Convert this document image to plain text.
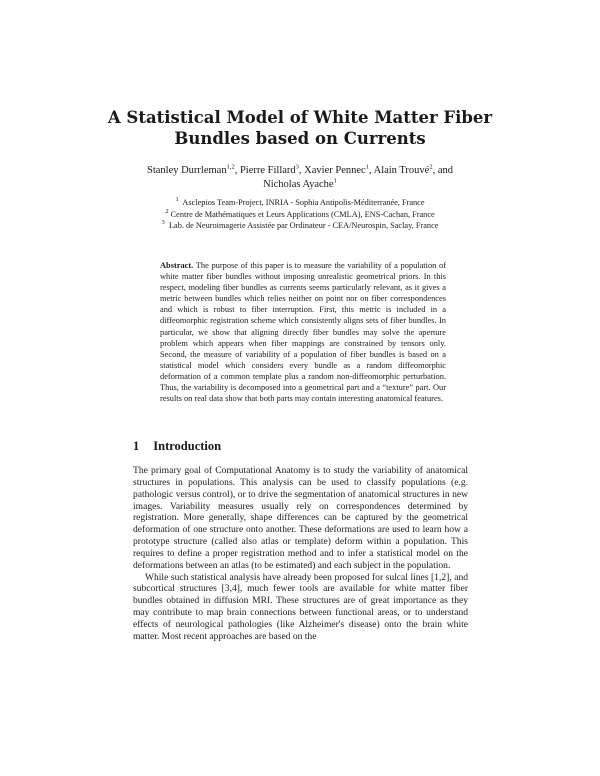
A Statistical Model of White Matter Fiber Bundles based on Currents
Stanley Durrleman$^{1,2}$, Pierre Fillard$^3$, Xavier Pennec$^1$, Alain Trouvé$^2$, and
Nicholas Ayache$^1$
$^1$ Asclepios Team-Project, INRIA - Sophia Antipolis-Méditerranée, France
$^2$ Centre de Mathématiques et Leurs Applications (CMLA), ENS-Cachan, France
$^3$ Lab. de Neuroimagerie Assistée par Ordinateur - CEA/Neurospin, Saclay, France
Abstract. The purpose of this paper is to measure the variability of a population of white matter fiber bundles without imposing unrealistic geometrical priors. In this respect, modeling fiber bundles as currents seems particularly relevant, as it gives a metric between bundles which relies neither on point nor on fiber correspondences and which is robust to fiber interruption. First, this metric is included in a diffeomorphic registration scheme which consistently aligns sets of fiber bundles. In particular, we show that aligning directly fiber bundles may solve the aperture problem which appears when fiber mappings are constrained by tensors only. Second, the measure of variability of a population of fiber bundles is based on a statistical model which considers every bundle as a random diffeomorphic deformation of a common template plus a random non-diffeomorphic perturbation. Thus, the variability is decomposed into a geometrical part and a “texture” part. Our results on real data show that both parts may contain interesting anatomical features.
1 Introduction

The primary goal of Computational Anatomy is to study the variability of anatomical structures in populations. This analysis can be used to classify populations (e.g. pathologic versus control), or to drive the segmentation of anatomical structures in new images. Variability measures usually rely on correspondences determined by registration. More generally, shape differences can be captured by the geometrical deformation of one structure onto another. These deformations are used to learn how a prototype structure (called also atlas or template) deform within a population. This requires to define a proper registration method and to infer a statistical model on the deformations between an atlas (to be estimated) and each subject in the population.

While such statistical analysis have already been proposed for sulcal lines [1,2], and subcortical structures [3,4], much fewer tools are available for white matter fiber bundles obtained in diffusion MRI. These structures are of great importance as they may contribute to map brain connections between functional areas, or to understand effects of neurological pathologies (like Alzheimer's disease) onto the brain white matter. Most recent approaches are based on the
